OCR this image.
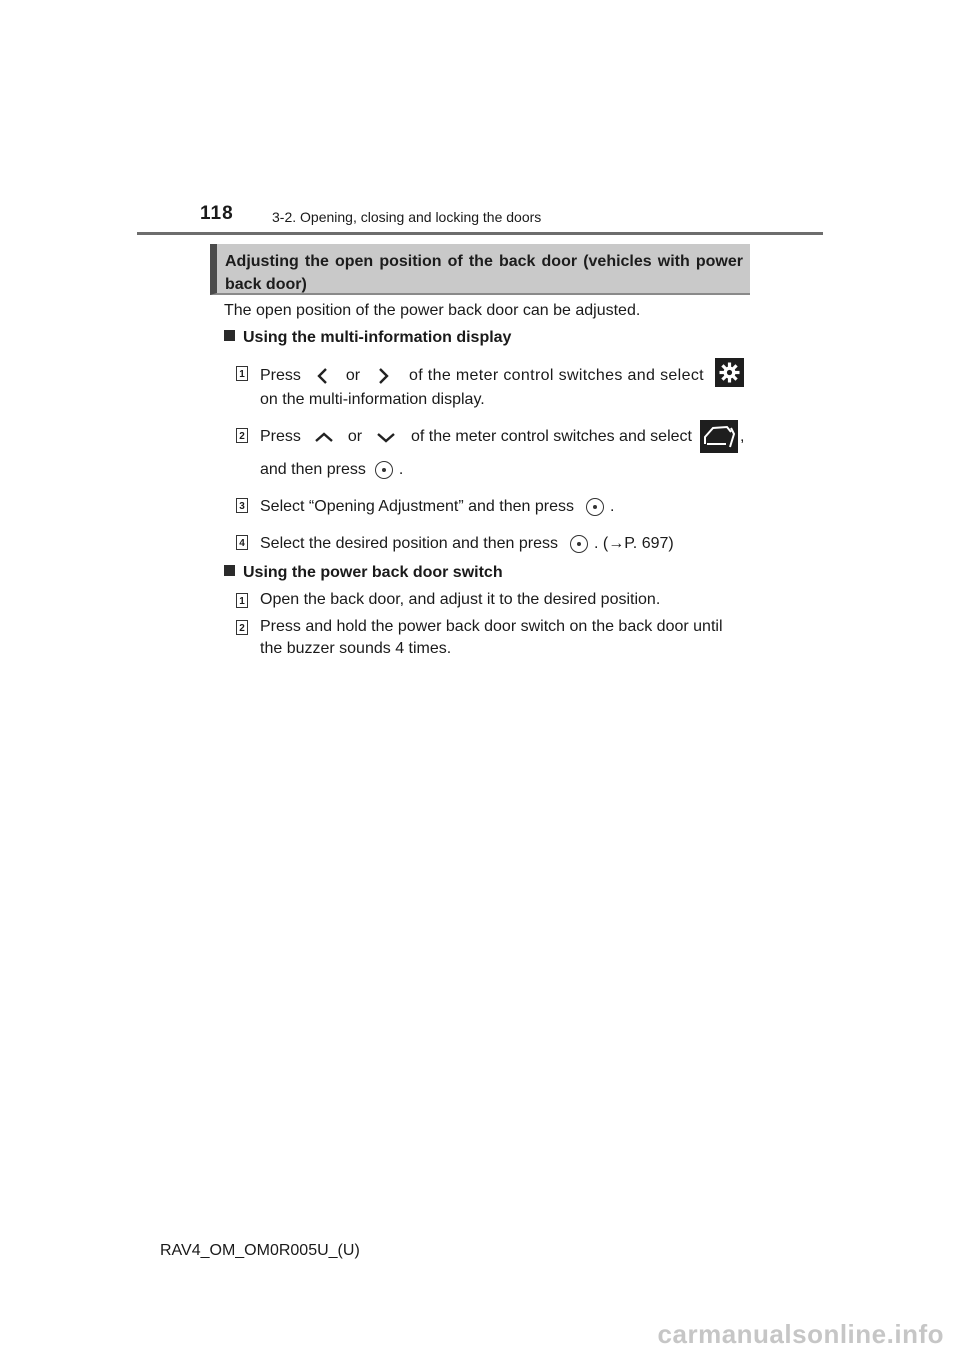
118	3-2. Opening, closing and locking the doors
Adjusting the open position of the back door (vehicles with power back door)
The open position of the power back door can be adjusted.
Using the multi-information display
1 Press	or	of the meter control switches and select
on the multi-information display.
2 Press	or	of the meter control switches and select	,
and then press .
3 Select “Opening Adjustment” and then press .
4 Select the desired position and then press . (→P. 697)
Using the power back door switch
1 Open the back door, and adjust it to the desired position.
2 Press and hold the power back door switch on the back door until
the buzzer sounds 4 times.
RAV4_OM_OM0R005U_(U)
carmanualsonline.info
